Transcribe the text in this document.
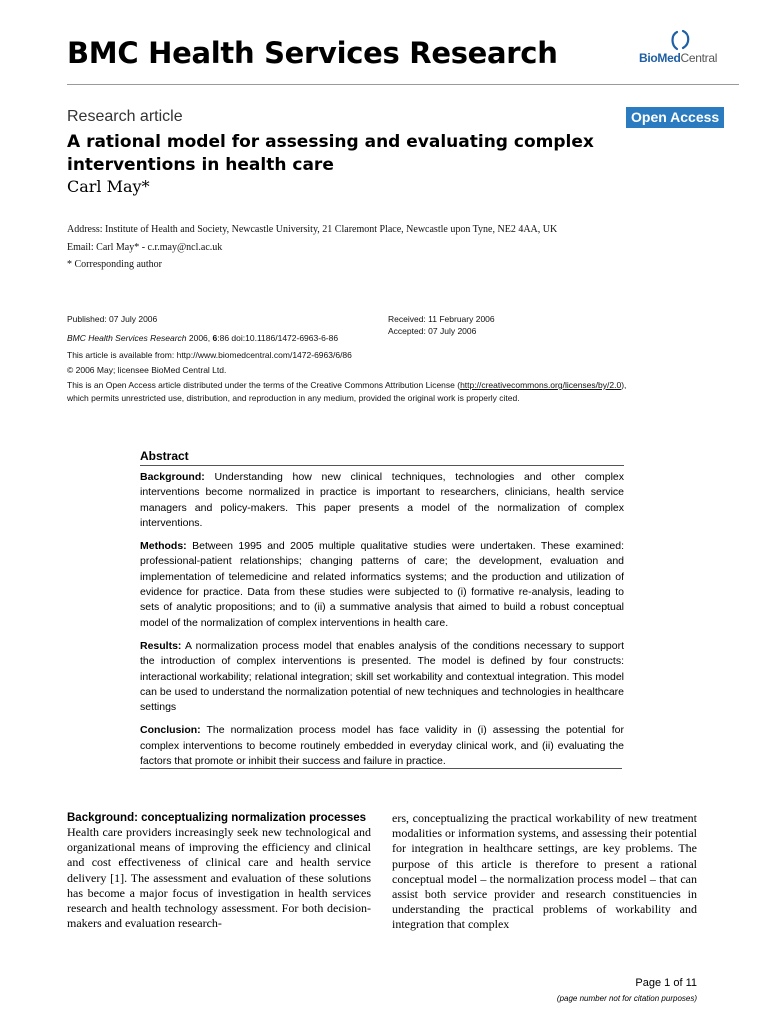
BMC Health Services Research	BioMedCentral
Research article	Open Access
A rational model for assessing and evaluating complex interventions in health care
Carl May*
Address: Institute of Health and Society, Newcastle University, 21 Claremont Place, Newcastle upon Tyne, NE2 4AA, UK
Email: Carl May* - c.r.may@ncl.ac.uk
* Corresponding author
Published: 07 July 2006	Received: 11 February 2006
Accepted: 07 July 2006
BMC Health Services Research 2006, 6:86 doi:10.1186/1472-6963-6-86
This article is available from: http://www.biomedcentral.com/1472-6963/6/86
© 2006 May; licensee BioMed Central Ltd.
This is an Open Access article distributed under the terms of the Creative Commons Attribution License (http://creativecommons.org/licenses/by/2.0),
which permits unrestricted use, distribution, and reproduction in any medium, provided the original work is properly cited.
Abstract

Background: Understanding how new clinical techniques, technologies and other complex interventions become normalized in practice is important to researchers, clinicians, health service managers and policy-makers. This paper presents a model of the normalization of complex interventions.

Methods: Between 1995 and 2005 multiple qualitative studies were undertaken. These examined: professional-patient relationships; changing patterns of care; the development, evaluation and implementation of telemedicine and related informatics systems; and the production and utilization of evidence for practice. Data from these studies were subjected to (i) formative re-analysis, leading to sets of analytic propositions; and to (ii) a summative analysis that aimed to build a robust conceptual model of the normalization of complex interventions in health care.

Results: A normalization process model that enables analysis of the conditions necessary to support the introduction of complex interventions is presented. The model is defined by four constructs: interactional workability; relational integration; skill set workability and contextual integration. This model can be used to understand the normalization potential of new techniques and technologies in healthcare settings

Conclusion: The normalization process model has face validity in (i) assessing the potential for complex interventions to become routinely embedded in everyday clinical work, and (ii) evaluating the factors that promote or inhibit their success and failure in practice.

Background: conceptualizing normalization processes
Health care providers increasingly seek new technological and organizational means of improving the efficiency and clinical and cost effectiveness of clinical care and health service delivery [1]. The assessment and evaluation of these solutions has become a major focus of investigation in health services research and health technology assessment. For both decision-makers and evaluation research-
ers, conceptualizing the practical workability of new treatment modalities or information systems, and assessing their potential for integration in healthcare settings, are key problems. The purpose of this article is therefore to present a rational conceptual model – the normalization process model – that can assist both service provider and research constituencies in understanding the practical problems of workability and integration that complex
Page 1 of 11
(page number not for citation purposes)
